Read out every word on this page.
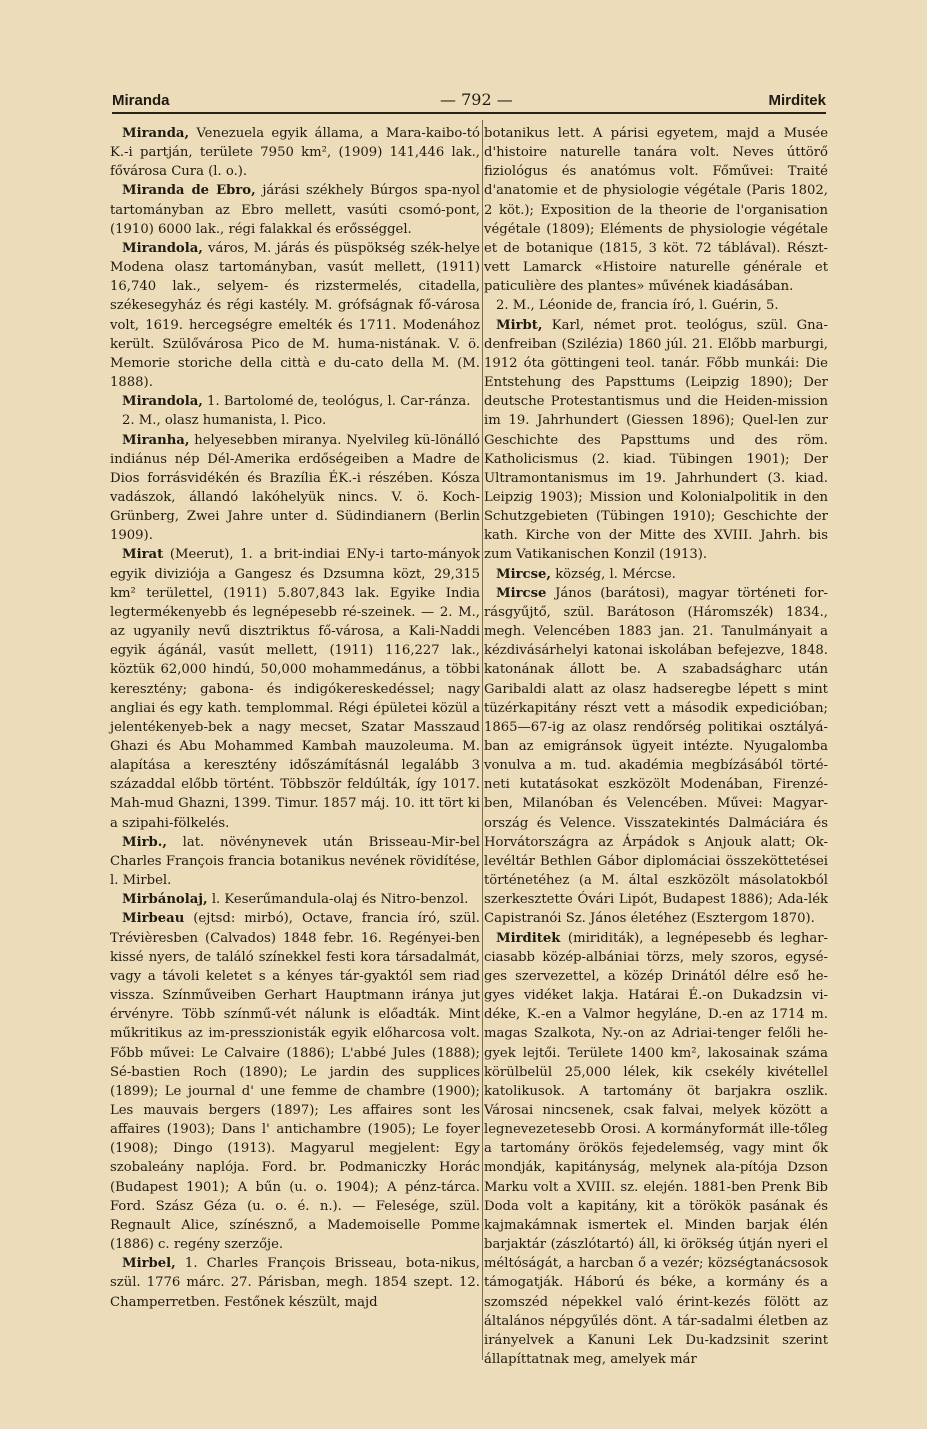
Miranda	— 792 —	Mirditek

Miranda, Venezuela egyik állama, a Mara-kaibo-tó K.-i partján, területe 7950 km², (1909) 141,446 lak., fővárosa Cura (l. o.).

Miranda de Ebro, járási székhely Búrgos spa-nyol tartományban az Ebro mellett, vasúti csomó-pont, (1910) 6000 lak., régi falakkal és erősséggel.

Mirandola, város, M. járás és püspökség szék-helye Modena olasz tartományban, vasút mellett, (1911) 16,740 lak., selyem- és rizstermelés, citadella, székesegyház és régi kastély. M. grófságnak fő-városa volt, 1619. hercegségre emelték és 1711. Modenához került. Szülővárosa Pico de M. huma-nistának. V. ö. Memorie storiche della città e du-cato della M. (M. 1888).

Mirandola, 1. Bartolomé de, teológus, l. Car-ránza.

2. M., olasz humanista, l. Pico.

Miranha, helyesebben miranya. Nyelvileg kü-lönálló indiánus nép Dél-Amerika erdőségeiben a Madre de Dios forrásvidékén és Brazília ÉK.-i részében. Kósza vadászok, állandó lakóhelyük nincs. V. ö. Koch-Grünberg, Zwei Jahre unter d. Südindianern (Berlin 1909).

Mirat (Meerut), 1. a brit-indiai ENy-i tarto-mányok egyik diviziója a Gangesz és Dzsumna közt, 29,315 km² területtel, (1911) 5.807,843 lak. Egyike India legtermékenyebb és legnépesebb ré-szeinek. — 2. M., az ugyanily nevű disztriktus fő-városa, a Kali-Naddi egyik ágánál, vasút mellett, (1911) 116,227 lak., köztük 62,000 hindú, 50,000 mohammedánus, a többi keresztény; gabona- és indigókereskedéssel; nagy angliai és egy kath. templommal. Régi épületei közül a jelentékenyeb-bek a nagy mecset, Szatar Masszaud Ghazi és Abu Mohammed Kambah mauzoleuma. M. alapítása a keresztény időszámításnál legalább 3 századdal előbb történt. Többször feldúlták, így 1017. Mah-mud Ghazni, 1399. Timur. 1857 máj. 10. itt tört ki a szipahi-fölkelés.

Mirb., lat. növénynevek után Brisseau-Mir-bel Charles François francia botanikus nevének rövidítése, l. Mirbel.

Mirbánolaj, l. Keserűmandula-olaj és Nitro-benzol.

Mirbeau (ejtsd: mirbó), Octave, francia író, szül. Trévièresben (Calvados) 1848 febr. 16. Regényei-ben kissé nyers, de találó színekkel festi kora társadalmát, vagy a távoli keletet s a kényes tár-gyaktól sem riad vissza. Színműveiben Gerhart Hauptmann iránya jut érvényre. Több színmű-vét nálunk is előadták. Mint műkritikus az im-presszionisták egyik előharcosa volt. Főbb művei: Le Calvaire (1886); L'abbé Jules (1888); Sé-bastien Roch (1890); Le jardin des supplices (1899); Le journal d' une femme de chambre (1900); Les mauvais bergers (1897); Les affaires sont les affaires (1903); Dans l' antichambre (1905); Le foyer (1908); Dingo (1913). Magyarul megjelent: Egy szobaleány naplója. Ford. br. Podmaniczky Horác (Budapest 1901); A bűn (u. o. 1904); A pénz-tárca. Ford. Szász Géza (u. o. é. n.). — Felesége, szül. Regnault Alice, színésznő, a Mademoiselle Pomme (1886) c. regény szerzője.

Mirbel, 1. Charles François Brisseau, bota-nikus, szül. 1776 márc. 27. Párisban, megh. 1854 szept. 12. Champerretben. Festőnek készült, majd

botanikus lett. A párisi egyetem, majd a Musée d'histoire naturelle tanára volt. Neves úttörő fiziológus és anatómus volt. Főművei: Traité d'anatomie et de physiologie végétale (Paris 1802, 2 köt.); Exposition de la theorie de l'organisation végétale (1809); Eléments de physiologie végétale et de botanique (1815, 3 köt. 72 táblával). Részt-vett Lamarck «Histoire naturelle générale et paticulière des plantes» művének kiadásában.

2. M., Léonide de, francia író, l. Guérin, 5.

Mirbt, Karl, német prot. teológus, szül. Gna-denfreiban (Szilézia) 1860 júl. 21. Előbb marburgi, 1912 óta göttingeni teol. tanár. Főbb munkái: Die Entstehung des Papsttums (Leipzig 1890); Der deutsche Protestantismus und die Heiden-mission im 19. Jahrhundert (Giessen 1896); Quel-len zur Geschichte des Papsttums und des röm. Katholicismus (2. kiad. Tübingen 1901); Der Ultramontanismus im 19. Jahrhundert (3. kiad. Leipzig 1903); Mission und Kolonialpolitik in den Schutzgebieten (Tübingen 1910); Geschichte der kath. Kirche von der Mitte des XVIII. Jahrh. bis zum Vatikanischen Konzil (1913).

Mircse, község, l. Mércse.

Mircse János (barátosi), magyar történeti for-rásgyűjtő, szül. Barátoson (Háromszék) 1834., megh. Velencében 1883 jan. 21. Tanulmányait a kézdivásárhelyi katonai iskolában befejezve, 1848. katonának állott be. A szabadságharc után Garibaldi alatt az olasz hadseregbe lépett s mint tüzérkapitány részt vett a második expedicióban; 1865—67-ig az olasz rendőrség politikai osztályá-ban az emigránsok ügyeit intézte. Nyugalomba vonulva a m. tud. akadémia megbízásából törté-neti kutatásokat eszközölt Modenában, Firenzé-ben, Milanóban és Velencében. Művei: Magyar-ország és Velence. Visszatekintés Dalmáciára és Horvátországra az Árpádok s Anjouk alatt; Ok-levéltár Bethlen Gábor diplomáciai összeköttetései történetéhez (a M. által eszközölt másolatokból szerkesztette Óvári Lipót, Budapest 1886); Ada-lék Capistranói Sz. János életéhez (Esztergom 1870).

Mirditek (mirid​iták), a legnépesebb és leghar-ciasabb közép-albániai törzs, mely szoros, egysé-ges szervezettel, a közép Drinától délre eső he-gyes vidéket lakja. Határai É.-on Dukadzsin vi-déke, K.-en a Valmor hegyláne, D.-en az 1714 m. magas Szalkota, Ny.-on az Adriai-tenger felőli he-gyek lejtői. Területe 1400 km², lakosainak száma körülbelül 25,000 lélek, kik csekély kivétellel katolikusok. A tartomány öt barjakra oszlik. Városai nincsenek, csak falvai, melyek között a legnevezetesebb Orosi. A kormányformát ille-tőleg a tartomány örökös fejedelemség, vagy mint ők mondják, kapitányság, melynek ala-pítója Dzson Marku volt a XVIII. sz. elején. 1881-ben Prenk Bib Doda volt a kapitány, kit a törökök pasának és kajmakámnak ismertek el. Minden barjak élén barjaktár (zászlótartó) áll, ki örökség útján nyeri el méltóságát, a harcban ő a vezér; községtanácsosok támogatják. Háború és béke, a kormány és a szomszéd népekkel való érint-kezés fölött az általános népgyűlés dönt. A tár-sadalmi életben az irányelvek a Kanuni Lek Du-kadzsinit szerint állapíttatnak meg, amelyek már
